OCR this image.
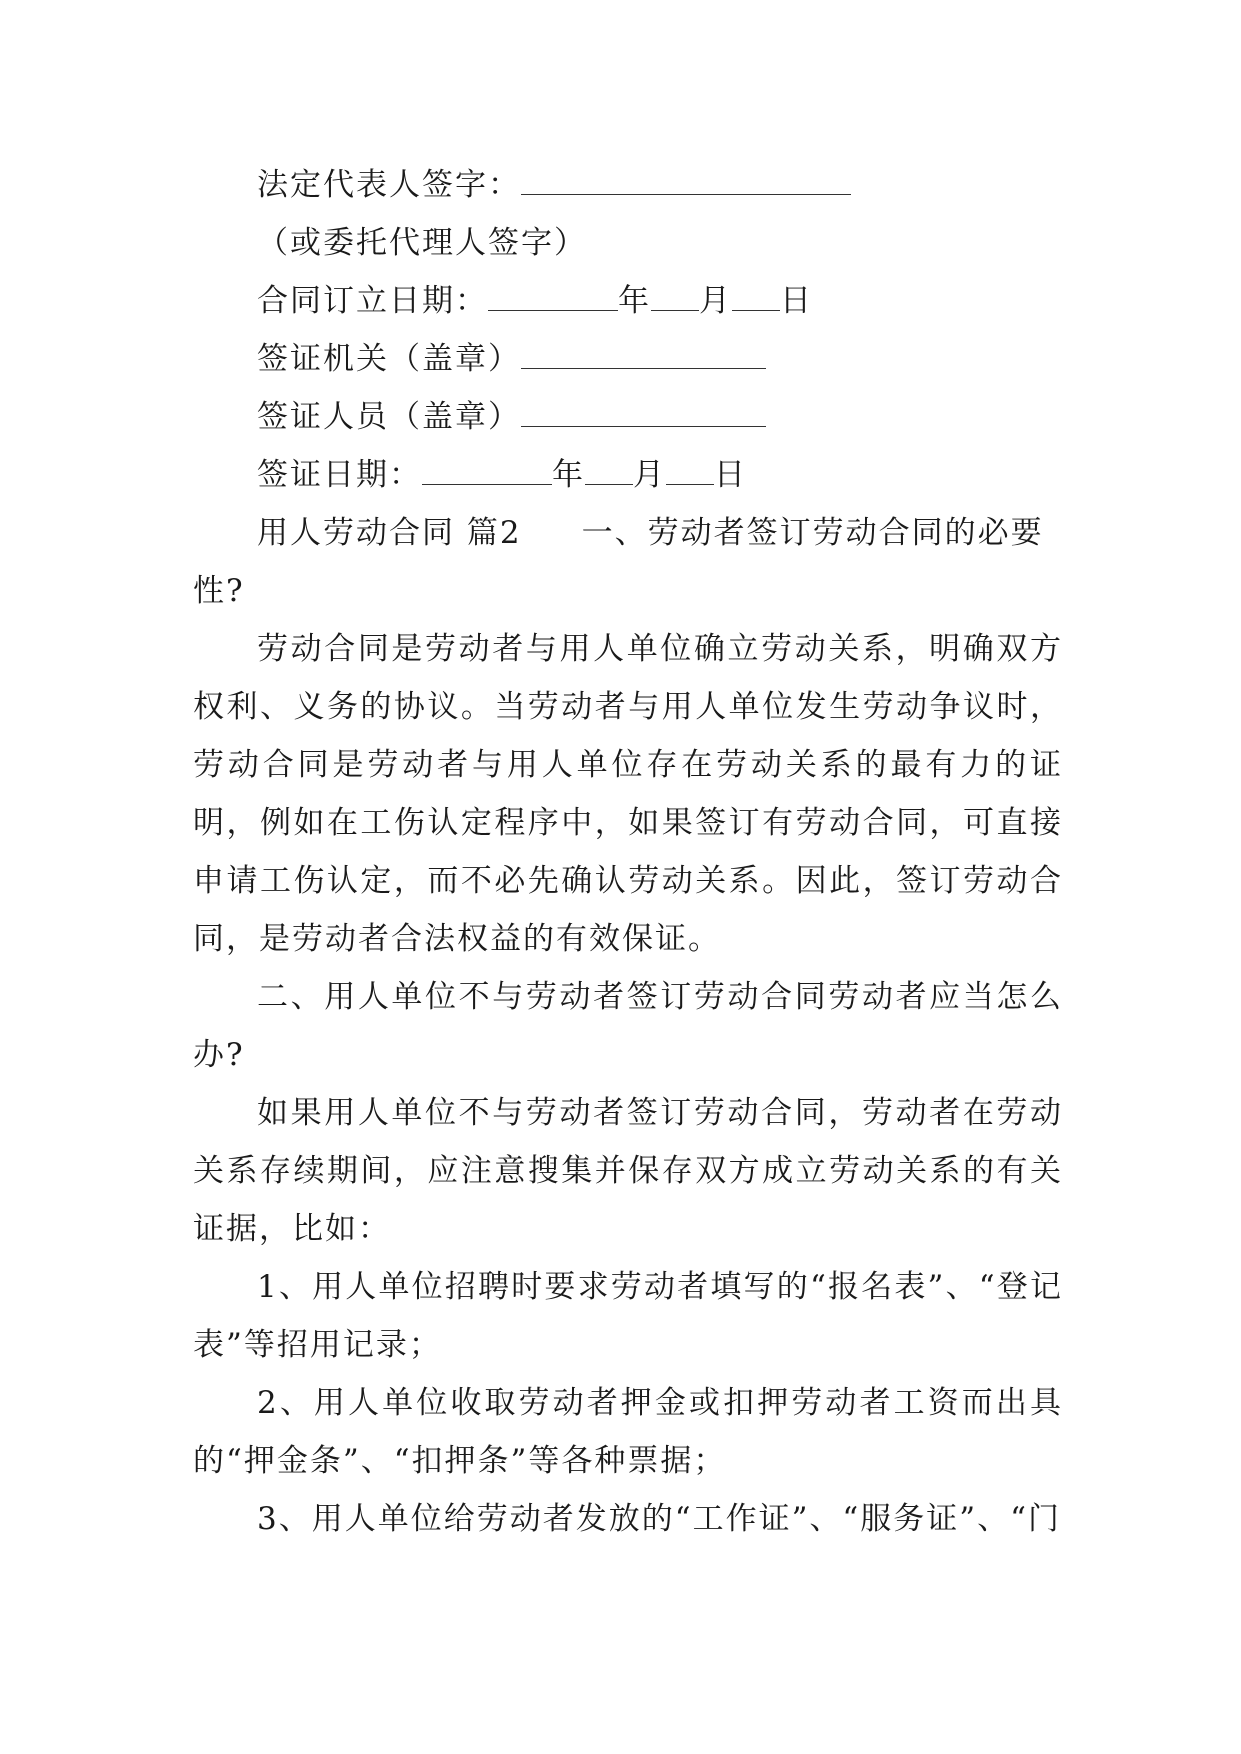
法定代表人签字：
（或委托代理人签字）
合同订立日期：	年 月 日
签证机关（盖章）
签证人员（盖章）
签证日期：	年 月 日
用人劳动合同 篇2 一、劳动者签订劳动合同的必要
性?

劳动合同是劳动者与用人单位确立劳动关系，明确双方权利、义务的协议。当劳动者与用人单位发生劳动争议时，劳动合同是劳动者与用人单位存在劳动关系的最有力的证明，例如在工伤认定程序中，如果签订有劳动合同，可直接申请工伤认定，而不必先确认劳动关系。因此，签订劳动合同，是劳动者合法权益的有效保证。

二、用人单位不与劳动者签订劳动合同劳动者应当怎么办?

如果用人单位不与劳动者签订劳动合同，劳动者在劳动关系存续期间，应注意搜集并保存双方成立劳动关系的有关证据，比如：

1、用人单位招聘时要求劳动者填写的“报名表”、“登记表”等招用记录；

2、用人单位收取劳动者押金或扣押劳动者工资而出具的“押金条”、“扣押条”等各种票据；

3、用人单位给劳动者发放的“工作证”、“服务证”、“门
